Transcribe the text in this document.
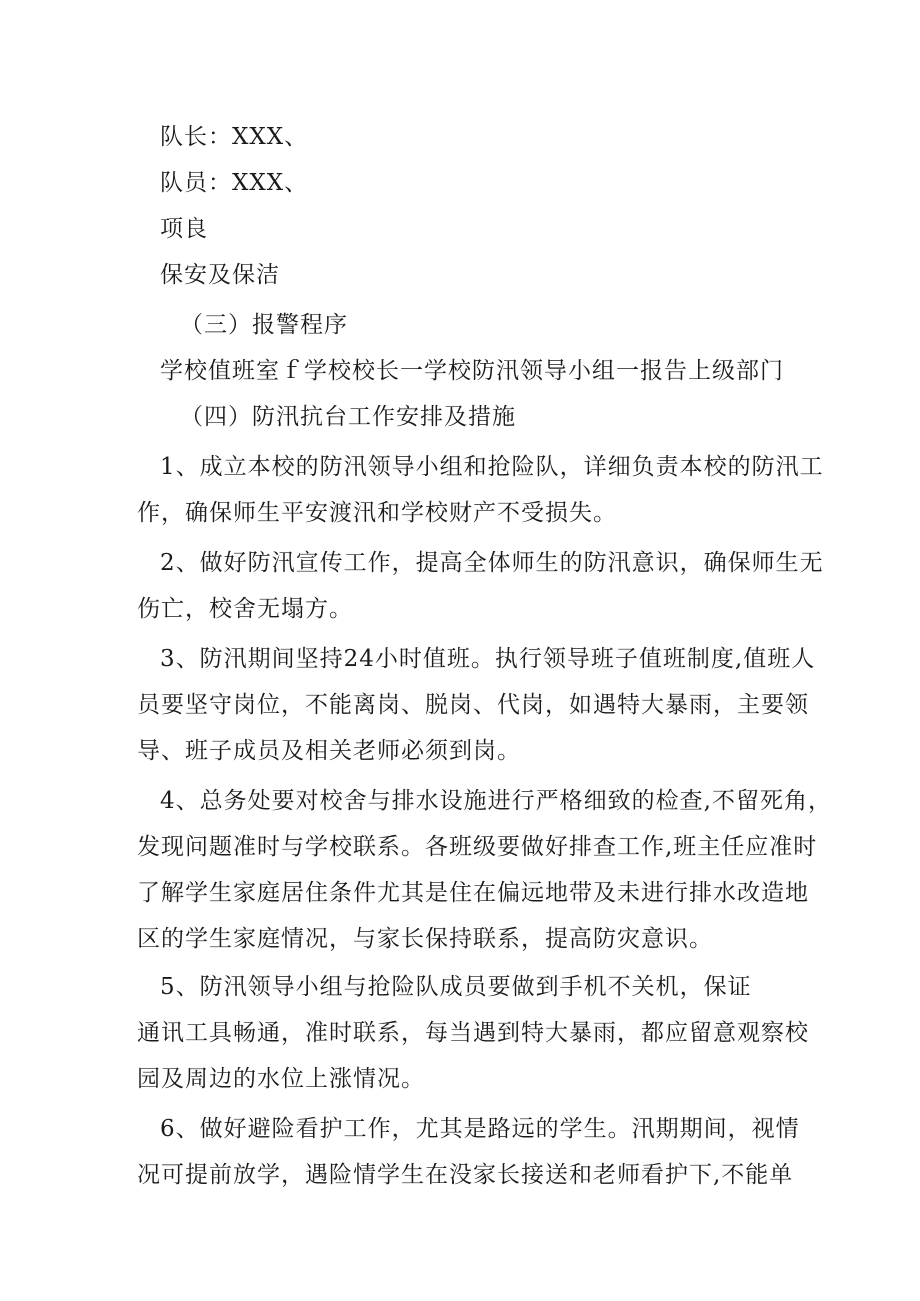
队长：XXX、
队员：XXX、
项良
保安及保洁
（三）报警程序
学校值班室ｆ学校校长一学校防汛领导小组一报告上级部门
（四）防汛抗台工作安排及措施
1、成立本校的防汛领导小组和抢险队，详细负责本校的防汛工
作，确保师生平安渡汛和学校财产不受损失。
2、做好防汛宣传工作，提高全体师生的防汛意识，确保师生无
伤亡，校舍无塌方。
3、防汛期间坚持24小时值班。执行领导班子值班制度,值班人
员要坚守岗位，不能离岗、脱岗、代岗，如遇特大暴雨，主要领
导、班子成员及相关老师必须到岗。
4、总务处要对校舍与排水设施进行严格细致的检查,不留死角，
发现问题准时与学校联系。各班级要做好排查工作,班主任应准时
了解学生家庭居住条件尤其是住在偏远地带及未进行排水改造地
区的学生家庭情况，与家长保持联系，提高防灾意识。
5、防汛领导小组与抢险队成员要做到手机不关机，保证
通讯工具畅通，准时联系，每当遇到特大暴雨，都应留意观察校
园及周边的水位上涨情况。
6、做好避险看护工作，尤其是路远的学生。汛期期间，视情
况可提前放学，遇险情学生在没家长接送和老师看护下,不能单
